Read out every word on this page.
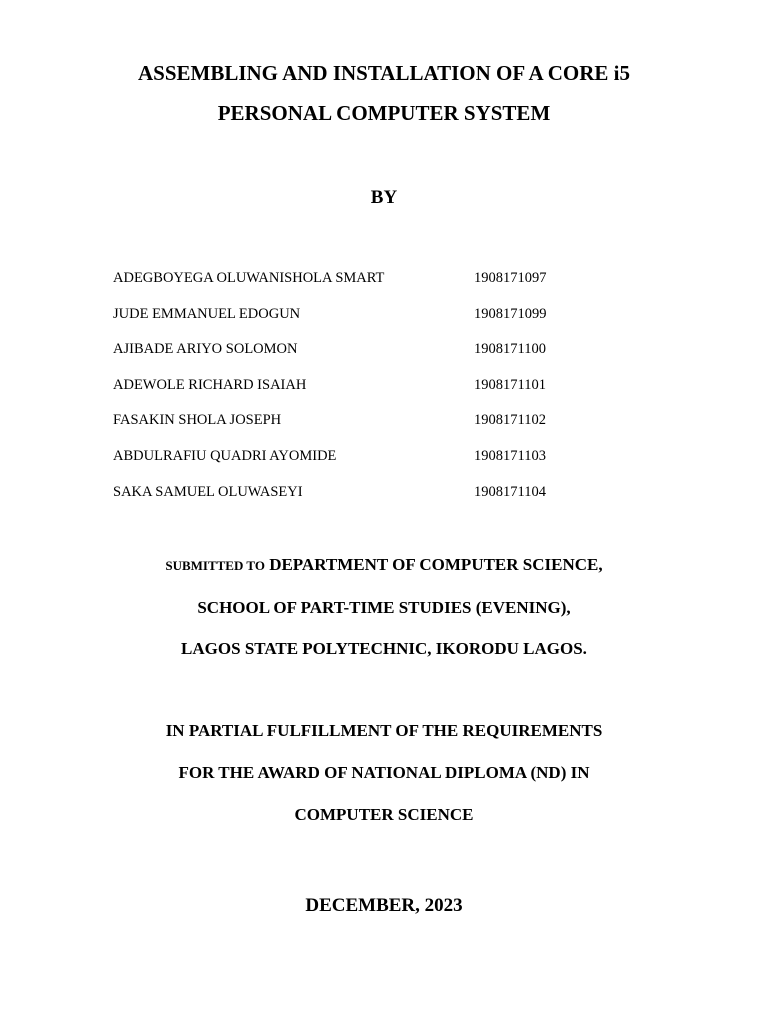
ASSEMBLING AND INSTALLATION OF A CORE i5
PERSONAL COMPUTER SYSTEM
BY
ADEGBOYEGA OLUWANISHOLA SMART	1908171097
JUDE EMMANUEL EDOGUN	1908171099
AJIBADE ARIYO SOLOMON	1908171100
ADEWOLE RICHARD ISAIAH	1908171101
FASAKIN SHOLA JOSEPH	1908171102
ABDULRAFIU QUADRI AYOMIDE	1908171103
SAKA SAMUEL OLUWASEYI	1908171104
SUBMITTED TO DEPARTMENT OF COMPUTER SCIENCE,
SCHOOL OF PART-TIME STUDIES (EVENING),
LAGOS STATE POLYTECHNIC, IKORODU LAGOS.
IN PARTIAL FULFILLMENT OF THE REQUIREMENTS
FOR THE AWARD OF NATIONAL DIPLOMA (ND) IN
COMPUTER SCIENCE
DECEMBER, 2023
